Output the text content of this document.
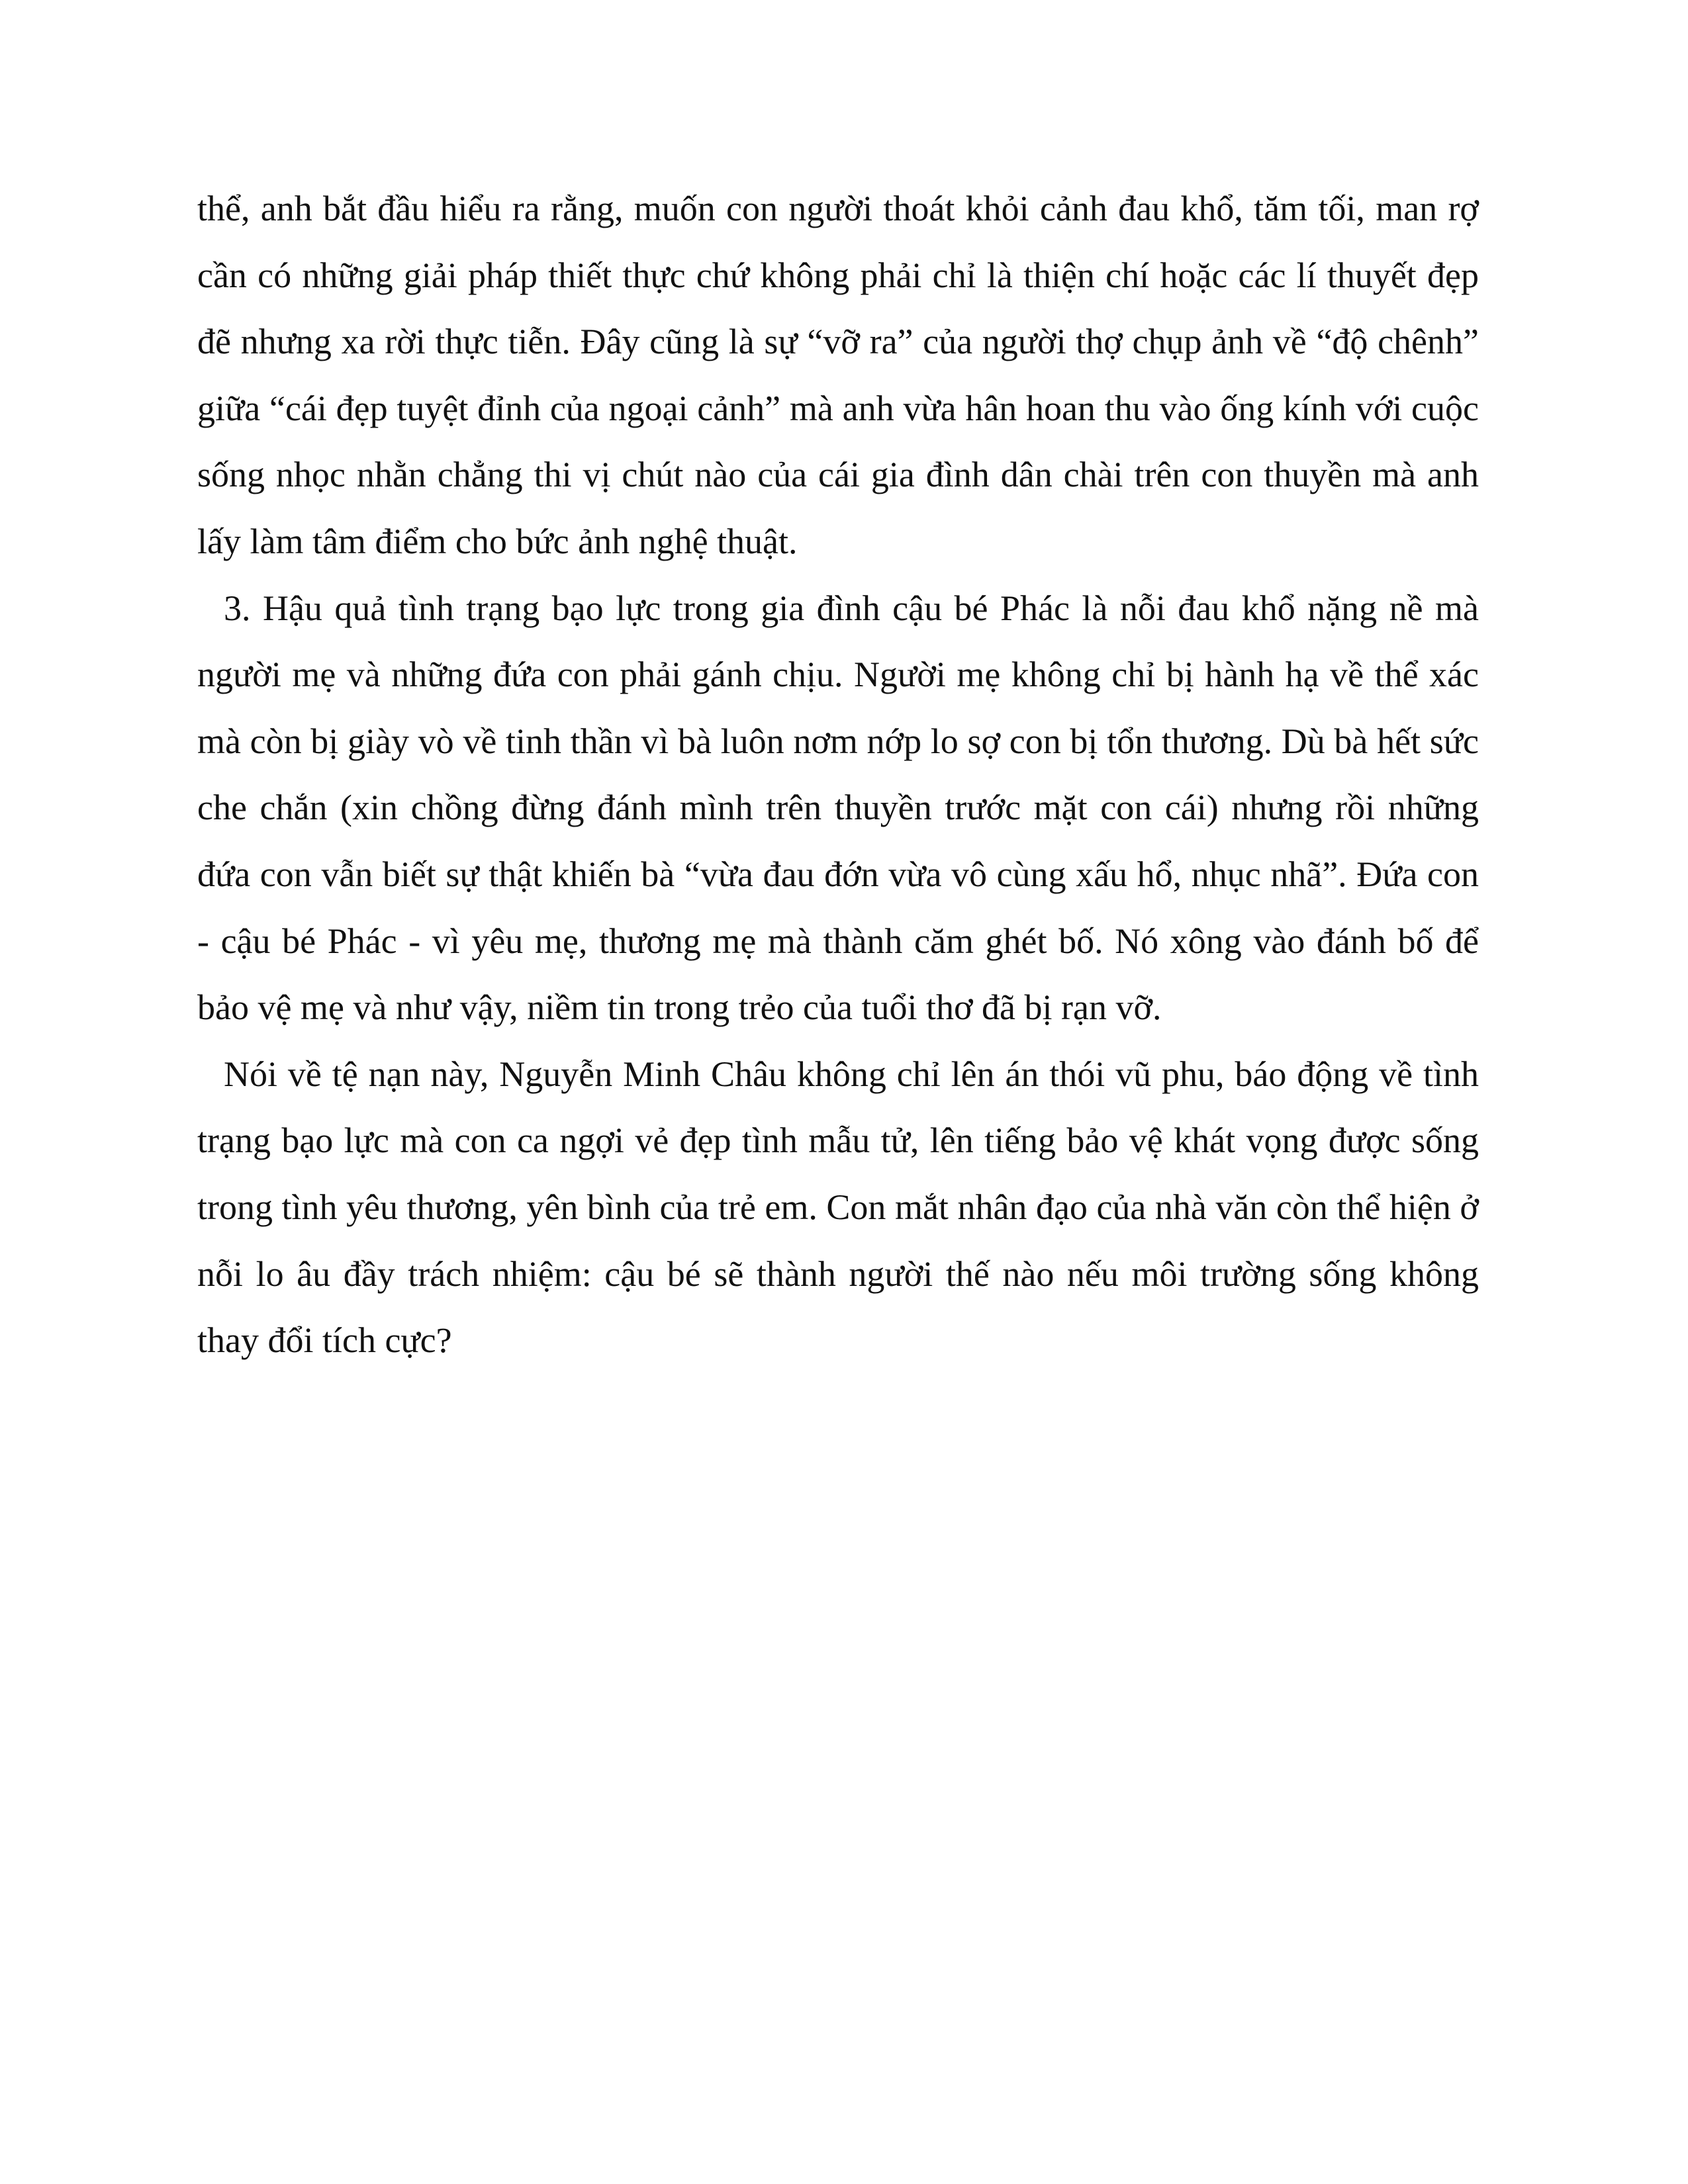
thể, anh bắt đầu hiểu ra rằng, muốn con người thoát khỏi cảnh đau khổ, tăm tối, man rợ cần có những giải pháp thiết thực chứ không phải chỉ là thiện chí hoặc các lí thuyết đẹp đẽ nhưng xa rời thực tiễn. Đây cũng là sự “vỡ ra” của người thợ chụp ảnh về “độ chênh” giữa “cái đẹp tuyệt đỉnh của ngoại cảnh” mà anh vừa hân hoan thu vào ống kính với cuộc sống nhọc nhằn chẳng thi vị chút nào của cái gia đình dân chài trên con thuyền mà anh lấy làm tâm điểm cho bức ảnh nghệ thuật.

3. Hậu quả tình trạng bạo lực trong gia đình cậu bé Phác là nỗi đau khổ nặng nề mà người mẹ và những đứa con phải gánh chịu. Người mẹ không chỉ bị hành hạ về thể xác mà còn bị giày vò về tinh thần vì bà luôn nơm nớp lo sợ con bị tổn thương. Dù bà hết sức che chắn (xin chồng đừng đánh mình trên thuyền trước mặt con cái) nhưng rồi những đứa con vẫn biết sự thật khiến bà “vừa đau đớn vừa vô cùng xấu hổ, nhục nhã”. Đứa con - cậu bé Phác - vì yêu mẹ, thương mẹ mà thành căm ghét bố. Nó xông vào đánh bố để bảo vệ mẹ và như vậy, niềm tin trong trẻo của tuổi thơ đã bị rạn vỡ.

Nói về tệ nạn này, Nguyễn Minh Châu không chỉ lên án thói vũ phu, báo động về tình trạng bạo lực mà con ca ngợi vẻ đẹp tình mẫu tử, lên tiếng bảo vệ khát vọng được sống trong tình yêu thương, yên bình của trẻ em. Con mắt nhân đạo của nhà văn còn thể hiện ở nỗi lo âu đầy trách nhiệm: cậu bé sẽ thành người thế nào nếu môi trường sống không thay đổi tích cực?
